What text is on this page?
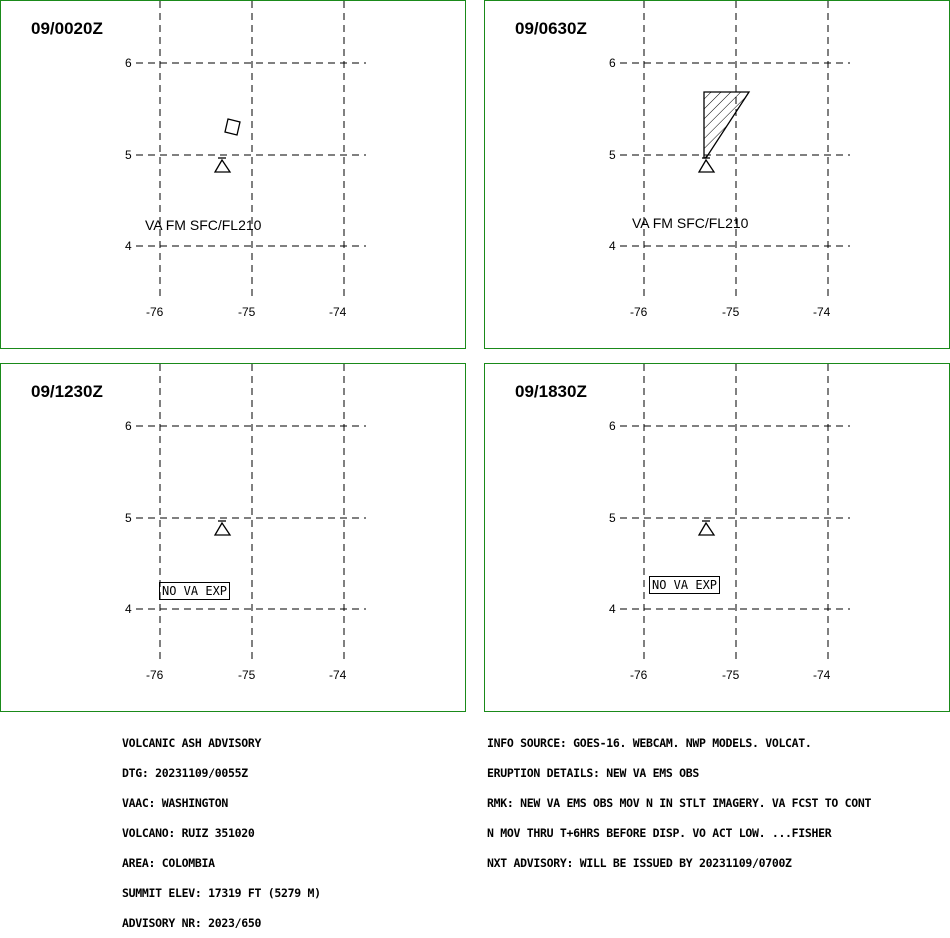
09/0020Z
6
5
4
-76	-75	-74
VA FM SFC/FL210
09/0630Z
6
5
4
-76	-75	-74
VA FM SFC/FL210
09/1230Z
6
5
4
-76	-75	-74
NO VA EXP
09/1830Z
6
5
4
-76	-75	-74
NO VA EXP

VOLCANIC ASH ADVISORY

DTG: 20231109/0055Z

VAAC: WASHINGTON

VOLCANO: RUIZ 351020

AREA: COLOMBIA

SUMMIT ELEV: 17319 FT (5279 M)

ADVISORY NR: 2023/650

INFO SOURCE: GOES-16. WEBCAM. NWP MODELS. VOLCAT.

ERUPTION DETAILS: NEW VA EMS OBS

RMK: NEW VA EMS OBS MOV N IN STLT IMAGERY. VA FCST TO CONT

N MOV THRU T+6HRS BEFORE DISP. VO ACT LOW. ...FISHER

NXT ADVISORY: WILL BE ISSUED BY 20231109/0700Z
